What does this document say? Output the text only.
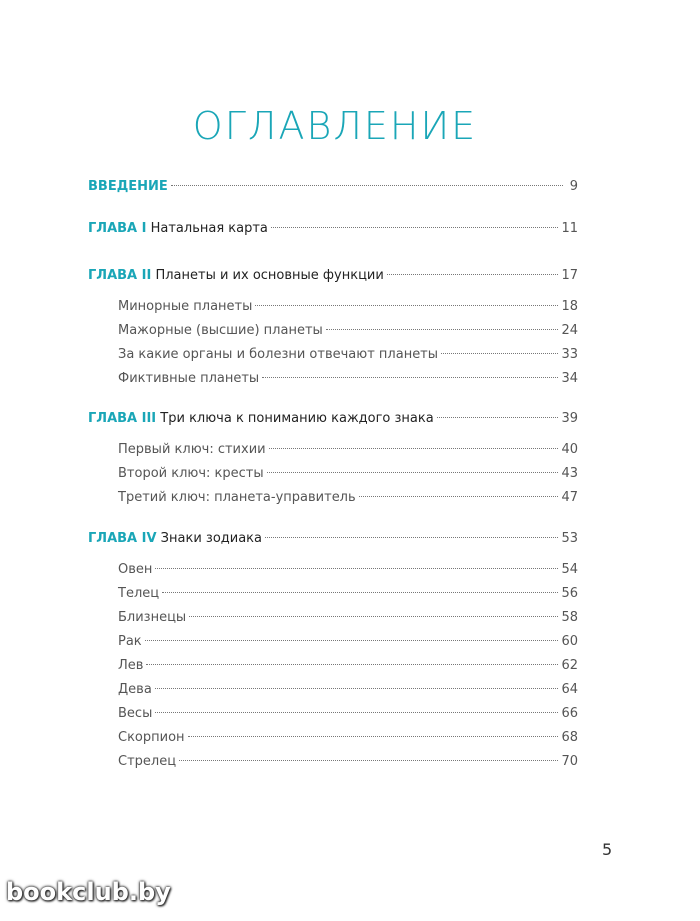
ОГЛАВЛЕНИЕ
ВВЕДЕНИЕ	9
ГЛАВА I Натальная карта	11
ГЛАВА II Планеты и их основные функции	17
Минорные планеты	18
Мажорные (высшие) планеты	24
За какие органы и болезни отвечают планеты	33
Фиктивные планеты	34
ГЛАВА III Три ключа к пониманию каждого знака	39
Первый ключ: стихии	40
Второй ключ: кресты	43
Третий ключ: планета-управитель	47
ГЛАВА IV Знаки зодиака	53
Овен	54
Телец	56
Близнецы	58
Рак	60
Лев	62
Дева	64
Весы	66
Скорпион	68
Стрелец	70
5
bookclub.by
